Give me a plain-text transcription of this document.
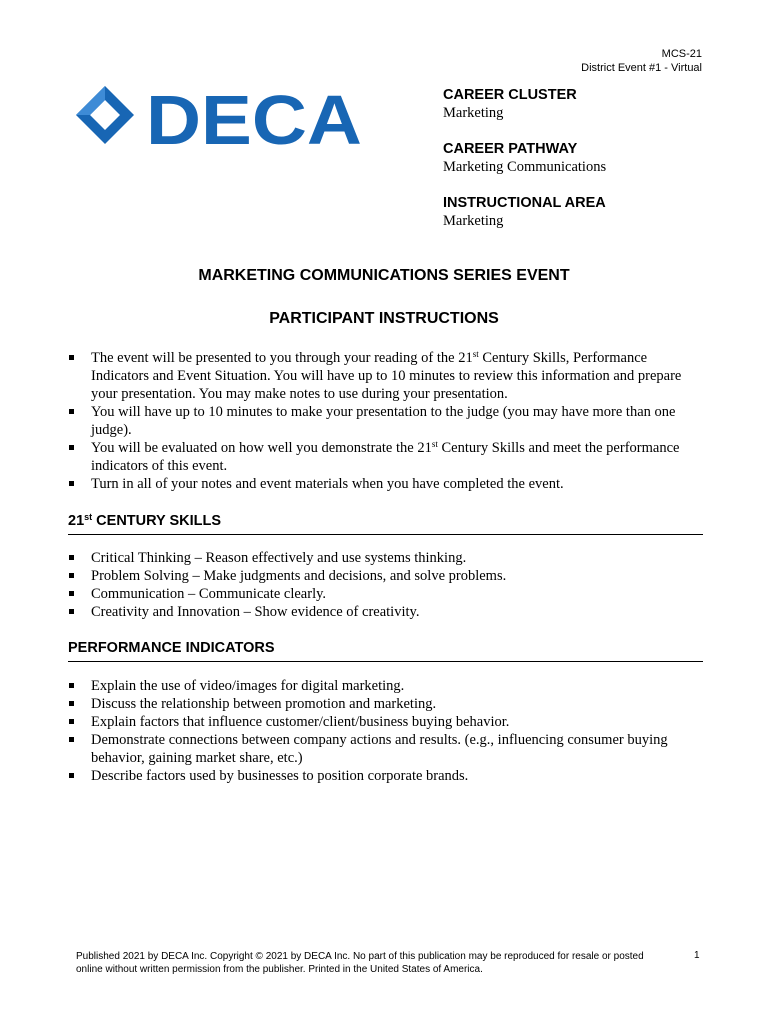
MCS-21
District Event #1 - Virtual
DECA	CAREER CLUSTER
Marketing
CAREER PATHWAY
Marketing Communications
INSTRUCTIONAL AREA
Marketing
MARKETING COMMUNICATIONS SERIES EVENT
PARTICIPANT INSTRUCTIONS
The event will be presented to you through your reading of the 21st Century Skills, Performance Indicators and Event Situation. You will have up to 10 minutes to review this information and prepare your presentation. You may make notes to use during your presentation.
You will have up to 10 minutes to make your presentation to the judge (you may have more than one judge).
You will be evaluated on how well you demonstrate the 21st Century Skills and meet the performance indicators of this event.
Turn in all of your notes and event materials when you have completed the event.
21st CENTURY SKILLS
Critical Thinking – Reason effectively and use systems thinking.
Problem Solving – Make judgments and decisions, and solve problems.
Communication – Communicate clearly.
Creativity and Innovation – Show evidence of creativity.
PERFORMANCE INDICATORS
Explain the use of video/images for digital marketing.
Discuss the relationship between promotion and marketing.
Explain factors that influence customer/client/business buying behavior.
Demonstrate connections between company actions and results. (e.g., influencing consumer buying behavior, gaining market share, etc.)
Describe factors used by businesses to position corporate brands.
Published 2021 by DECA Inc. Copyright © 2021 by DECA Inc. No part of this publication may be reproduced for resale or posted online without written permission from the publisher. Printed in the United States of America.
1
